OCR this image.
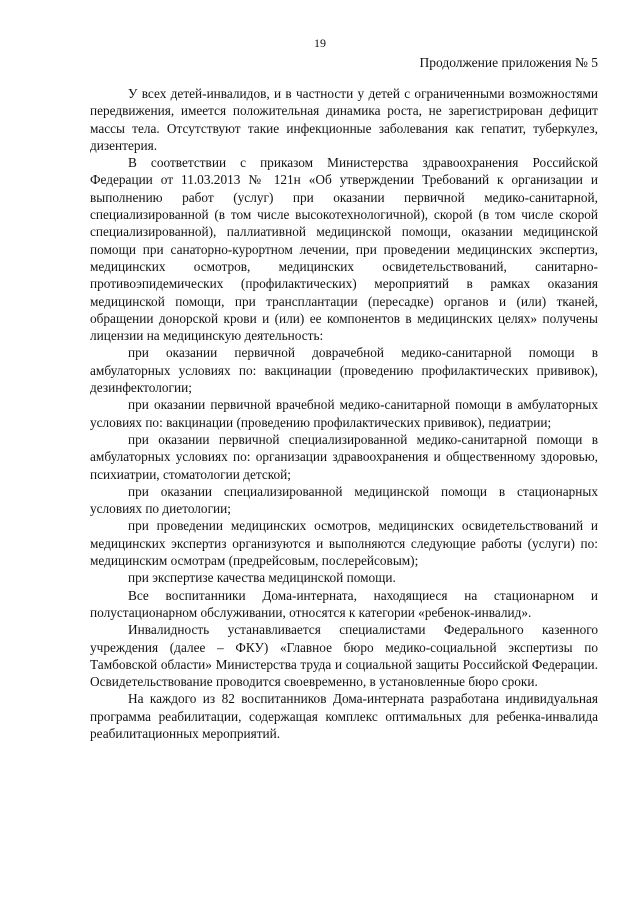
19
Продолжение приложения № 5

У всех детей-инвалидов, и в частности у детей с ограниченными возможностями передвижения, имеется положительная динамика роста, не зарегистрирован дефицит массы тела. Отсутствуют такие инфекционные заболевания как гепатит, туберкулез, дизентерия.

В соответствии с приказом Министерства здравоохранения Российской Федерации от 11.03.2013 № 121н «Об утверждении Требований к организации и выполнению работ (услуг) при оказании первичной медико-санитарной, специализированной (в том числе высокотехнологичной), скорой (в том числе скорой специализированной), паллиативной медицинской помощи, оказании медицинской помощи при санаторно-курортном лечении, при проведении медицинских экспертиз, медицинских осмотров, медицинских освидетельствований, санитарно-противоэпидемических (профилактических) мероприятий в рамках оказания медицинской помощи, при трансплантации (пересадке) органов и (или) тканей, обращении донорской крови и (или) ее компонентов в медицинских целях» получены лицензии на медицинскую деятельность:

при оказании первичной доврачебной медико-санитарной помощи в амбулаторных условиях по: вакцинации (проведению профилактических прививок), дезинфектологии;

при оказании первичной врачебной медико-санитарной помощи в амбулаторных условиях по: вакцинации (проведению профилактических прививок), педиатрии;

при оказании первичной специализированной медико-санитарной помощи в амбулаторных условиях по: организации здравоохранения и общественному здоровью, психиатрии, стоматологии детской;

при оказании специализированной медицинской помощи в стационарных условиях по диетологии;

при проведении медицинских осмотров, медицинских освидетельствований и медицинских экспертиз организуются и выполняются следующие работы (услуги) по: медицинским осмотрам (предрейсовым, послерейсовым);

при экспертизе качества медицинской помощи.

Все воспитанники Дома-интерната, находящиеся на стационарном и полустационарном обслуживании, относятся к категории «ребенок-инвалид».

Инвалидность устанавливается специалистами Федерального казенного учреждения (далее – ФКУ) «Главное бюро медико-социальной экспертизы по Тамбовской области» Министерства труда и социальной защиты Российской Федерации. Освидетельствование проводится своевременно, в установленные бюро сроки.

На каждого из 82 воспитанников Дома-интерната разработана индивидуальная программа реабилитации, содержащая комплекс оптимальных для ребенка-инвалида реабилитационных мероприятий.
